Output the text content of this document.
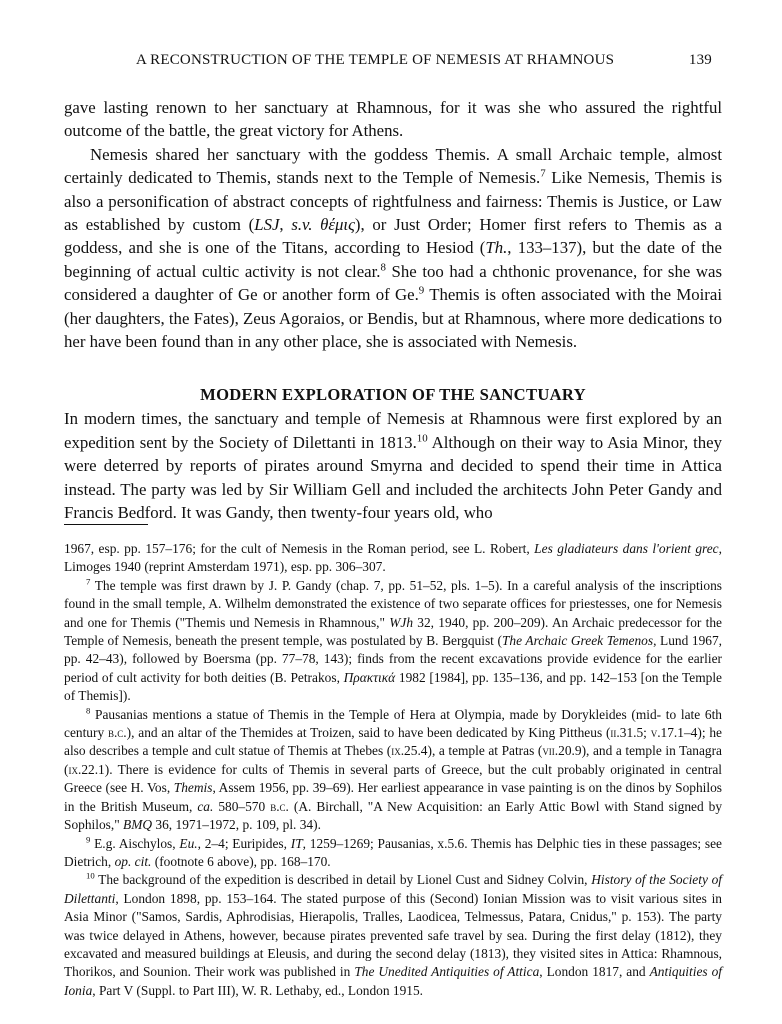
A RECONSTRUCTION OF THE TEMPLE OF NEMESIS AT RHAMNOUS	139

gave lasting renown to her sanctuary at Rhamnous, for it was she who assured the rightful outcome of the battle, the great victory for Athens.

Nemesis shared her sanctuary with the goddess Themis. A small Archaic temple, almost certainly dedicated to Themis, stands next to the Temple of Nemesis.$^7$ Like Nemesis, Themis is also a personification of abstract concepts of rightfulness and fairness: Themis is Justice, or Law as established by custom (LSJ, s.v. θέμις), or Just Order; Homer first refers to Themis as a goddess, and she is one of the Titans, according to Hesiod (Th., 133–137), but the date of the beginning of actual cultic activity is not clear.$^8$ She too had a chthonic provenance, for she was considered a daughter of Ge or another form of Ge.$^9$ Themis is often associated with the Moirai (her daughters, the Fates), Zeus Agoraios, or Bendis, but at Rhamnous, where more dedications to her have been found than in any other place, she is associated with Nemesis.

MODERN EXPLORATION OF THE SANCTUARY

In modern times, the sanctuary and temple of Nemesis at Rhamnous were first explored by an expedition sent by the Society of Dilettanti in 1813.10 Although on their way to Asia Minor, they were deterred by reports of pirates around Smyrna and decided to spend their time in Attica instead. The party was led by Sir William Gell and included the architects John Peter Gandy and Francis Bedford. It was Gandy, then twenty-four years old, who

1967, esp. pp. 157–176; for the cult of Nemesis in the Roman period, see L. Robert, Les gladiateurs dans l'orient grec, Limoges 1940 (reprint Amsterdam 1971), esp. pp. 306–307.

$^7$ The temple was first drawn by J. P. Gandy (chap. 7, pp. 51–52, pls. 1–5). In a careful analysis of the inscriptions found in the small temple, A. Wilhelm demonstrated the existence of two separate offices for priestesses, one for Nemesis and one for Themis ("Themis und Nemesis in Rhamnous," WJh 32, 1940, pp. 200–209). An Archaic predecessor for the Temple of Nemesis, beneath the present temple, was postulated by B. Bergquist (The Archaic Greek Temenos, Lund 1967, pp. 42–43), followed by Boersma (pp. 77–78, 143); finds from the recent excavations provide evidence for the earlier period of cult activity for both deities (B. Petrakos, Πρακτικά 1982 [1984], pp. 135–136, and pp. 142–153 [on the Temple of Themis]).

$^8$ Pausanias mentions a statue of Themis in the Temple of Hera at Olympia, made by Dorykleides (mid- to late 6th century b.c.), and an altar of the Themides at Troizen, said to have been dedicated by King Pittheus (ii.31.5; v.17.1–4); he also describes a temple and cult statue of Themis at Thebes (ix.25.4), a temple at Patras (vii.20.9), and a temple in Tanagra (ix.22.1). There is evidence for cults of Themis in several parts of Greece, but the cult probably originated in central Greece (see H. Vos, Themis, Assem 1956, pp. 39–69). Her earliest appearance in vase painting is on the dinos by Sophilos in the British Museum, ca. 580–570 b.c. (A. Birchall, "A New Acquisition: an Early Attic Bowl with Stand signed by Sophilos," BMQ 36, 1971–1972, p. 109, pl. 34).

$^9$ E.g. Aischylos, Eu., 2–4; Euripides, IT, 1259–1269; Pausanias, x.5.6. Themis has Delphic ties in these passages; see Dietrich, op. cit. (footnote 6 above), pp. 168–170.

$^{10}$ The background of the expedition is described in detail by Lionel Cust and Sidney Colvin, History of the Society of Dilettanti, London 1898, pp. 153–164. The stated purpose of this (Second) Ionian Mission was to visit various sites in Asia Minor ("Samos, Sardis, Aphrodisias, Hierapolis, Tralles, Laodicea, Telmessus, Patara, Cnidus," p. 153). The party was twice delayed in Athens, however, because pirates prevented safe travel by sea. During the first delay (1812), they excavated and measured buildings at Eleusis, and during the second delay (1813), they visited sites in Attica: Rhamnous, Thorikos, and Sounion. Their work was published in The Unedited Antiquities of Attica, London 1817, and Antiquities of Ionia, Part V (Suppl. to Part III), W. R. Lethaby, ed., London 1915.
